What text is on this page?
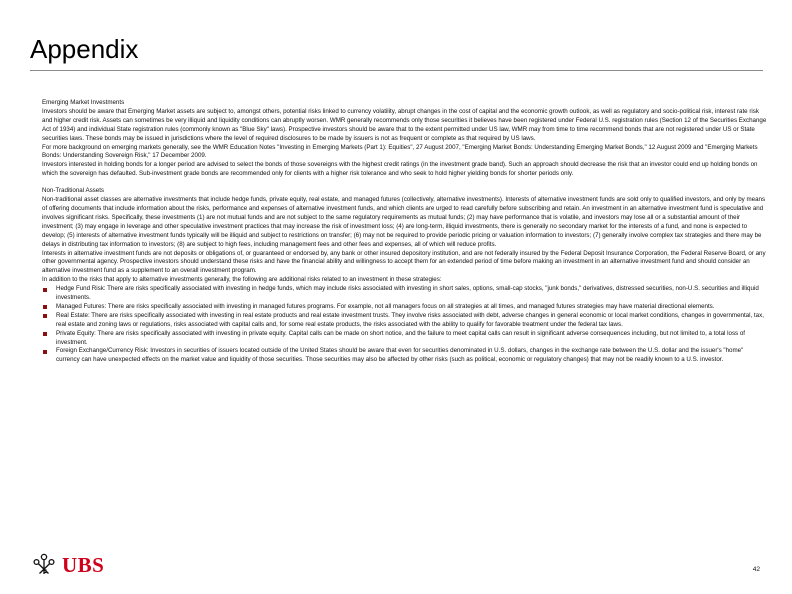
Appendix

Emerging Market Investments

Investors should be aware that Emerging Market assets are subject to, amongst others, potential risks linked to currency volatility, abrupt changes in the cost of capital and the economic growth outlook, as well as regulatory and socio-political risk, interest rate risk and higher credit risk. Assets can sometimes be very illiquid and liquidity conditions can abruptly worsen. WMR generally recommends only those securities it believes have been registered under Federal U.S. registration rules (Section 12 of the Securities Exchange Act of 1934) and individual State registration rules (commonly known as "Blue Sky" laws). Prospective investors should be aware that to the extent permitted under US law, WMR may from time to time recommend bonds that are not registered under US or State securities laws. These bonds may be issued in jurisdictions where the level of required disclosures to be made by issuers is not as frequent or complete as that required by US laws.

For more background on emerging markets generally, see the WMR Education Notes "Investing in Emerging Markets (Part 1): Equities", 27 August 2007, "Emerging Market Bonds: Understanding Emerging Market Bonds," 12 August 2009 and "Emerging Markets Bonds: Understanding Sovereign Risk," 17 December 2009.

Investors interested in holding bonds for a longer period are advised to select the bonds of those sovereigns with the highest credit ratings (in the investment grade band). Such an approach should decrease the risk that an investor could end up holding bonds on which the sovereign has defaulted. Sub-investment grade bonds are recommended only for clients with a higher risk tolerance and who seek to hold higher yielding bonds for shorter periods only.

Non-Traditional Assets

Non-traditional asset classes are alternative investments that include hedge funds, private equity, real estate, and managed futures (collectively, alternative investments). Interests of alternative investment funds are sold only to qualified investors, and only by means of offering documents that include information about the risks, performance and expenses of alternative investment funds, and which clients are urged to read carefully before subscribing and retain. An investment in an alternative investment fund is speculative and involves significant risks. Specifically, these investments (1) are not mutual funds and are not subject to the same regulatory requirements as mutual funds; (2) may have performance that is volatile, and investors may lose all or a substantial amount of their investment; (3) may engage in leverage and other speculative investment practices that may increase the risk of investment loss; (4) are long-term, illiquid investments, there is generally no secondary market for the interests of a fund, and none is expected to develop; (5) interests of alternative investment funds typically will be illiquid and subject to restrictions on transfer; (6) may not be required to provide periodic pricing or valuation information to investors; (7) generally involve complex tax strategies and there may be delays in distributing tax information to investors; (8) are subject to high fees, including management fees and other fees and expenses, all of which will reduce profits.

Interests in alternative investment funds are not deposits or obligations of, or guaranteed or endorsed by, any bank or other insured depository institution, and are not federally insured by the Federal Deposit Insurance Corporation, the Federal Reserve Board, or any other governmental agency. Prospective investors should understand these risks and have the financial ability and willingness to accept them for an extended period of time before making an investment in an alternative investment fund and should consider an alternative investment fund as a supplement to an overall investment program.

In addition to the risks that apply to alternative investments generally, the following are additional risks related to an investment in these strategies:

Hedge Fund Risk: There are risks specifically associated with investing in hedge funds, which may include risks associated with investing in short sales, options, small-cap stocks, "junk bonds," derivatives, distressed securities, non-U.S. securities and illiquid investments.
Managed Futures: There are risks specifically associated with investing in managed futures programs. For example, not all managers focus on all strategies at all times, and managed futures strategies may have material directional elements.
Real Estate: There are risks specifically associated with investing in real estate products and real estate investment trusts. They involve risks associated with debt, adverse changes in general economic or local market conditions, changes in governmental, tax, real estate and zoning laws or regulations, risks associated with capital calls and, for some real estate products, the risks associated with the ability to qualify for favorable treatment under the federal tax laws.
Private Equity: There are risks specifically associated with investing in private equity. Capital calls can be made on short notice, and the failure to meet capital calls can result in significant adverse consequences including, but not limited to, a total loss of investment.
Foreign Exchange/Currency Risk: Investors in securities of issuers located outside of the United States should be aware that even for securities denominated in U.S. dollars, changes in the exchange rate between the U.S. dollar and the issuer's "home" currency can have unexpected effects on the market value and liquidity of those securities. Those securities may also be affected by other risks (such as political, economic or regulatory changes) that may not be readily known to a U.S. investor.
UBS	42
